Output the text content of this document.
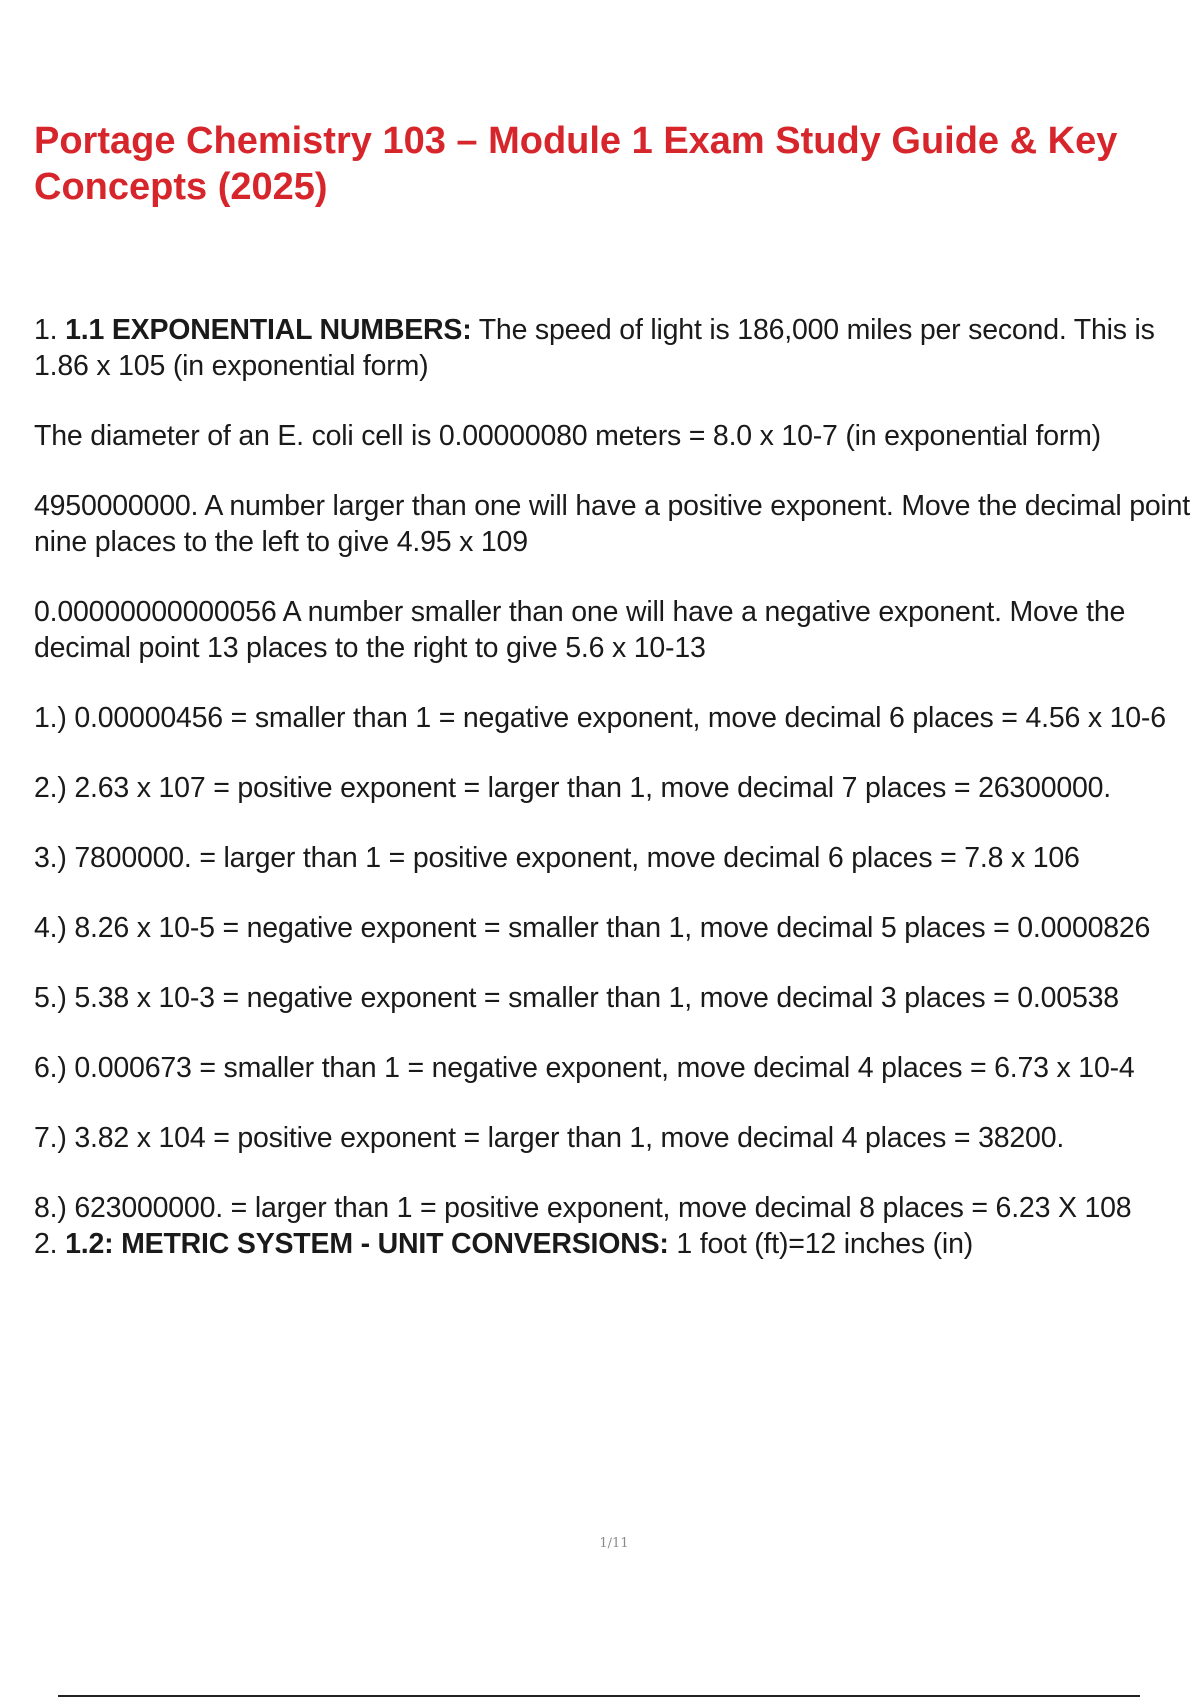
Portage Chemistry 103 – Module 1 Exam Study Guide & Key Concepts (2025)

1. 1.1 EXPONENTIAL NUMBERS: The speed of light is 186,000 miles per second. This is 1.86 x 105 (in exponential form)

The diameter of an E. coli cell is 0.00000080 meters = 8.0 x 10-7 (in exponential form)

4950000000. A number larger than one will have a positive exponent. Move the decimal point nine places to the left to give 4.95 x 109

0.00000000000056 A number smaller than one will have a negative exponent. Move the decimal point 13 places to the right to give 5.6 x 10-13

1.) 0.00000456 = smaller than 1 = negative exponent, move decimal 6 places = 4.56 x 10-6

2.) 2.63 x 107 = positive exponent = larger than 1, move decimal 7 places = 26300000.

3.) 7800000. = larger than 1 = positive exponent, move decimal 6 places = 7.8 x 106

4.) 8.26 x 10-5 = negative exponent = smaller than 1, move decimal 5 places = 0.0000826

5.) 5.38 x 10-3 = negative exponent = smaller than 1, move decimal 3 places = 0.00538

6.) 0.000673 = smaller than 1 = negative exponent, move decimal 4 places = 6.73 x 10-4

7.) 3.82 x 104 = positive exponent = larger than 1, move decimal 4 places = 38200.

8.) 623000000. = larger than 1 = positive exponent, move decimal 8 places = 6.23 X 108

2. 1.2: METRIC SYSTEM - UNIT CONVERSIONS: 1 foot (ft)=12 inches (in)

1/11
